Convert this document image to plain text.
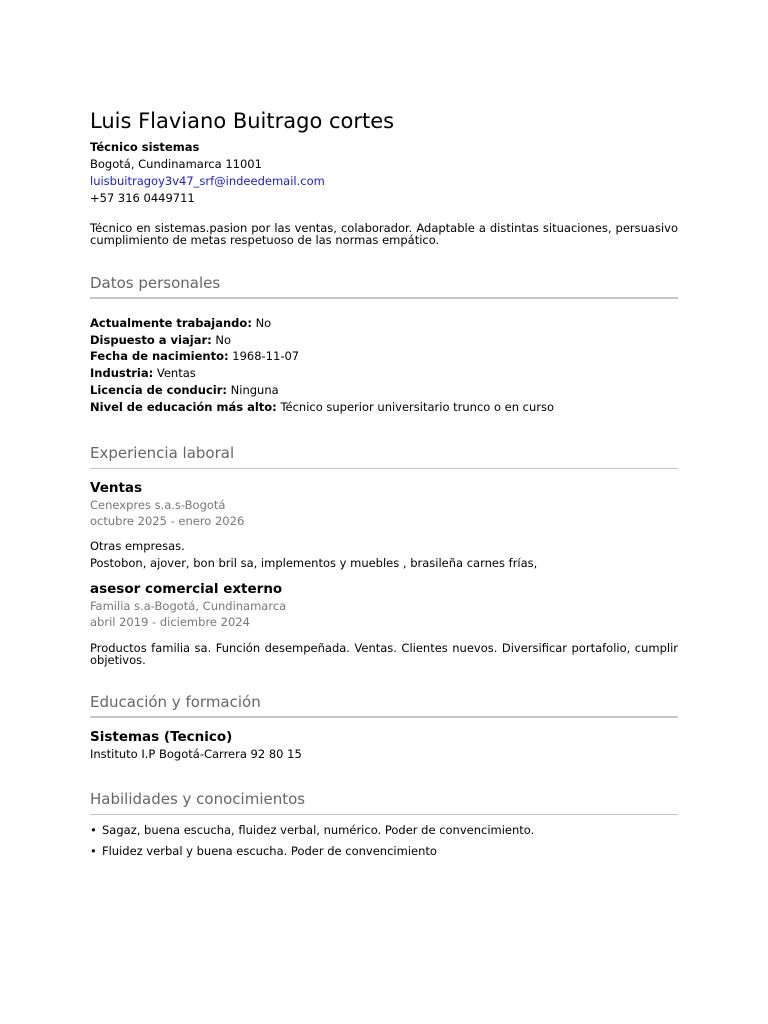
Luis Flaviano Buitrago cortes
Técnico sistemas
Bogotá, Cundinamarca 11001
luisbuitragoy3v47_srf@indeedemail.com
+57 316 0449711
Técnico en sistemas.pasion por las ventas, colaborador. Adaptable a distintas situaciones, persuasivo cumplimiento de metas respetuoso de las normas empático.
Datos personales
Actualmente trabajando: No
Dispuesto a viajar: No
Fecha de nacimiento: 1968-11-07
Industria: Ventas
Licencia de conducir: Ninguna
Nivel de educación más alto: Técnico superior universitario trunco o en curso
Experiencia laboral
Ventas
Cenexpres s.a.s-Bogotá
octubre 2025 - enero 2026
Otras empresas.
Postobon, ajover, bon bril sa, implementos y muebles , brasileña carnes frías,
asesor comercial externo
Familia s.a-Bogotá, Cundinamarca
abril 2019 - diciembre 2024
Productos familia sa. Función desempeñada. Ventas. Clientes nuevos. Diversificar portafolio, cumplir objetivos.
Educación y formación
Sistemas (Tecnico)
Instituto I.P Bogotá-Carrera 92 80 15
Habilidades y conocimientos
• Sagaz, buena escucha, fluidez verbal, numérico. Poder de convencimiento.
• Fluidez verbal y buena escucha. Poder de convencimiento
